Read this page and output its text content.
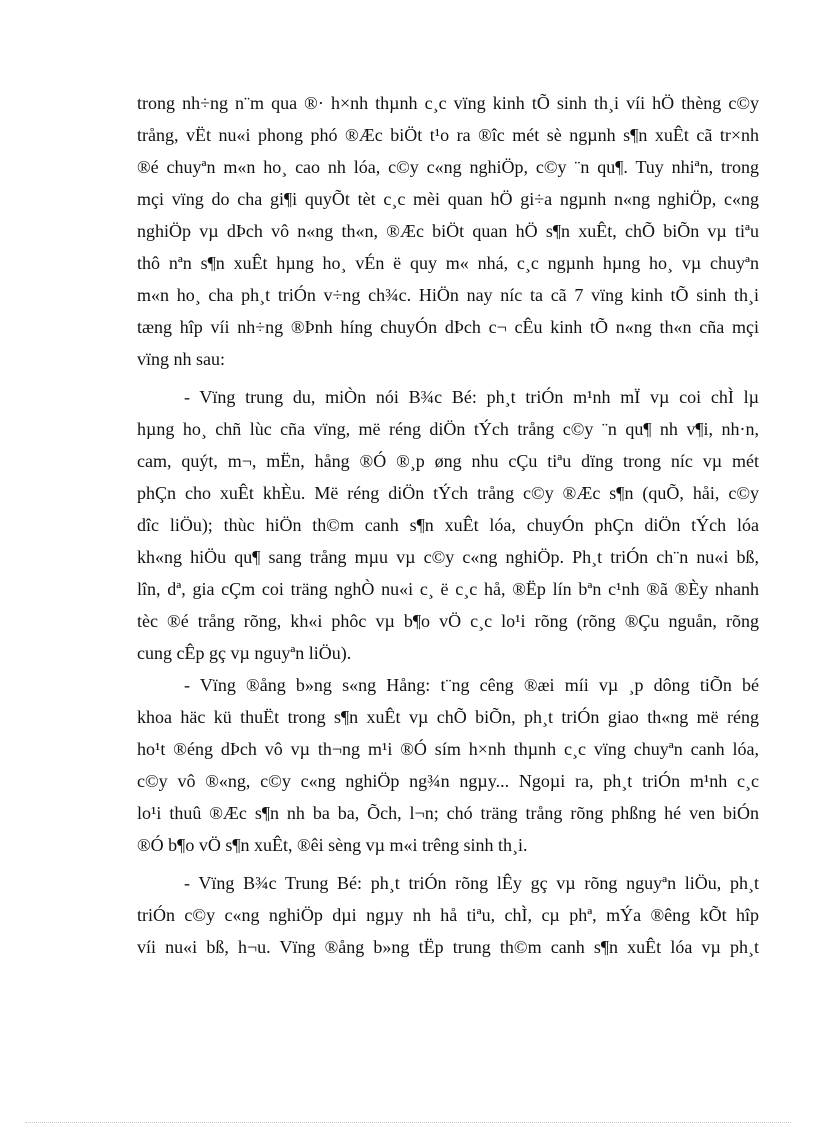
trong nh÷ng n¨m qua ®· h×nh thµnh c¸c vïng kinh tÕ sinh th¸i víi hÖ thèng c©y
trång, vËt nu«i phong phó ®Æc biÖt t¹o ra ®îc mét sè ngµnh s¶n xuÊt cã tr×nh
®é chuyªn m«n ho¸ cao nh lóa, c©y c«ng nghiÖp, c©y ¨n qu¶. Tuy nhiªn, trong
mçi vïng do cha gi¶i quyÕt tèt c¸c mèi quan hÖ gi÷a ngµnh n«ng nghiÖp, c«ng
nghiÖp vµ dÞch vô n«ng th«n, ®Æc biÖt quan hÖ s¶n xuÊt, chÕ biÕn vµ tiªu
thô nªn s¶n xuÊt hµng ho¸ vÉn ë quy m« nhá, c¸c ngµnh hµng ho¸ vµ chuyªn
m«n ho¸ cha ph¸t triÓn v÷ng ch¾c. HiÖn nay níc ta cã 7 vïng kinh tÕ sinh th¸i
tæng hîp víi nh÷ng ®Þnh híng chuyÓn dÞch c¬ cÊu kinh tÕ n«ng th«n cña mçi
vïng nh sau:
- Vïng trung du, miÒn nói B¾c Bé: ph¸t triÓn m¹nh mÏ vµ coi chÌ lµ
hµng ho¸ chñ lùc cña vïng, më réng diÖn tÝch trång c©y ¨n qu¶ nh v¶i, nh·n,
cam, quýt, m¬, mËn, hång ®Ó ®¸p øng nhu cÇu tiªu dïng trong níc vµ mét
phÇn cho xuÊt khÈu. Më réng diÖn tÝch trång c©y ®Æc s¶n (quÕ, håi, c©y
dîc liÖu); thùc hiÖn th©m canh s¶n xuÊt lóa, chuyÓn phÇn diÖn tÝch lóa
kh«ng hiÖu qu¶ sang trång mµu vµ c©y c«ng nghiÖp. Ph¸t triÓn ch¨n nu«i bß,
lîn, dª, gia cÇm coi träng nghÒ nu«i c¸ ë c¸c hå, ®Ëp lín bªn c¹nh ®ã ®Èy nhanh
tèc ®é trång rõng, kh«i phôc vµ b¶o vÖ c¸c lo¹i rõng (rõng ®Çu nguån, rõng
cung cÊp gç vµ nguyªn liÖu).
- Vïng ®ång b»ng s«ng Hång: t¨ng cêng ®æi míi vµ ¸p dông tiÕn bé
khoa häc kü thuËt trong s¶n xuÊt vµ chÕ biÕn, ph¸t triÓn giao th«ng më réng
ho¹t ®éng dÞch vô vµ th¬ng m¹i ®Ó sím h×nh thµnh c¸c vïng chuyªn canh lóa,
c©y vô ®«ng, c©y c«ng nghiÖp ng¾n ngµy... Ngoµi ra, ph¸t triÓn m¹nh c¸c
lo¹i thuû ®Æc s¶n nh ba ba, Õch, l¬n; chó träng trång rõng phßng hé ven biÓn
®Ó b¶o vÖ s¶n xuÊt, ®êi sèng vµ m«i trêng sinh th¸i.
- Vïng B¾c Trung Bé: ph¸t triÓn rõng lÊy gç vµ rõng nguyªn liÖu, ph¸t
triÓn c©y c«ng nghiÖp dµi ngµy nh hå tiªu, chÌ, cµ phª, mÝa ®êng kÕt hîp
víi nu«i bß, h¬u. Vïng ®ång b»ng tËp trung th©m canh s¶n xuÊt lóa vµ ph¸t
